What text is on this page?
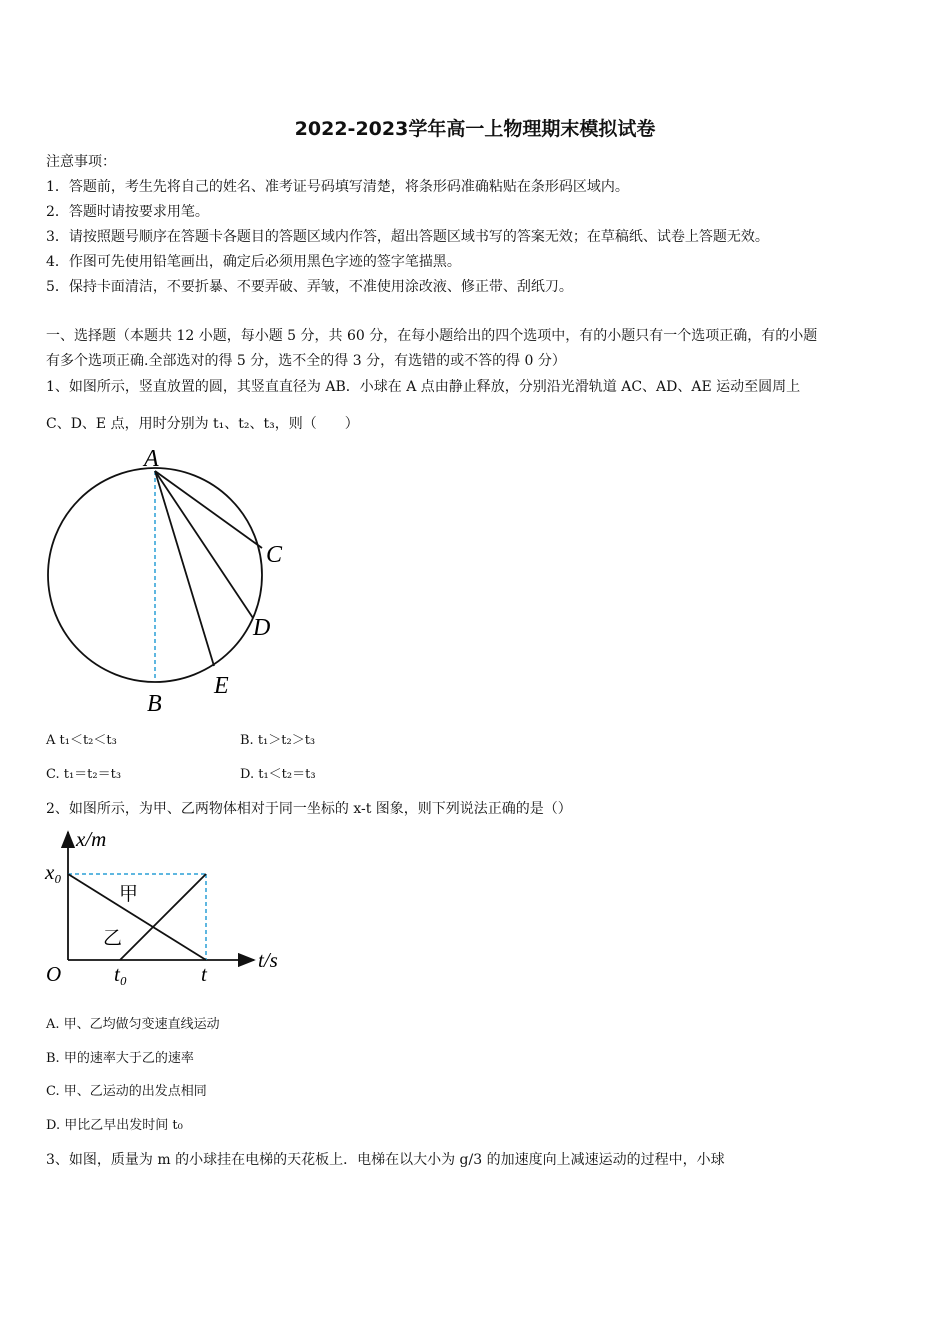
2022-2023学年高一上物理期末模拟试卷
注意事项：
1．答题前，考生先将自己的姓名、准考证号码填写清楚，将条形码准确粘贴在条形码区域内。
2．答题时请按要求用笔。
3．请按照题号顺序在答题卡各题目的答题区域内作答，超出答题区域书写的答案无效；在草稿纸、试卷上答题无效。
4．作图可先使用铅笔画出，确定后必须用黑色字迹的签字笔描黑。
5．保持卡面清洁，不要折暴、不要弄破、弄皱，不准使用涂改液、修正带、刮纸刀。
一、选择题（本题共 12 小题，每小题 5 分，共 60 分，在每小题给出的四个选项中，有的小题只有一个选项正确，有的小题
有多个选项正确.全部选对的得 5 分，选不全的得 3 分，有选错的或不答的得 0 分）
1、如图所示，竖直放置的圆，其竖直直径为 AB．小球在 A 点由静止释放，分别沿光滑轨道 AC、AD、AE 运动至圆周上
C、D、E 点，用时分别为 t₁、t₂、t₃，则（　　）
A
B
C
D
E
A t₁＜t₂＜t₃	B. t₁＞t₂＞t₃
C. t₁＝t₂＝t₃	D. t₁＜t₂＝t₃
2、如图所示，为甲、乙两物体相对于同一坐标的 x-t 图象，则下列说法正确的是（）
x/m
t/s
x₀
O	t₀	t
甲
乙
A. 甲、乙均做匀变速直线运动
B. 甲的速率大于乙的速率
C. 甲、乙运动的出发点相同
D. 甲比乙早出发时间 t₀
3、如图，质量为 m 的小球挂在电梯的天花板上．电梯在以大小为 g/3 的加速度向上减速运动的过程中，小球
